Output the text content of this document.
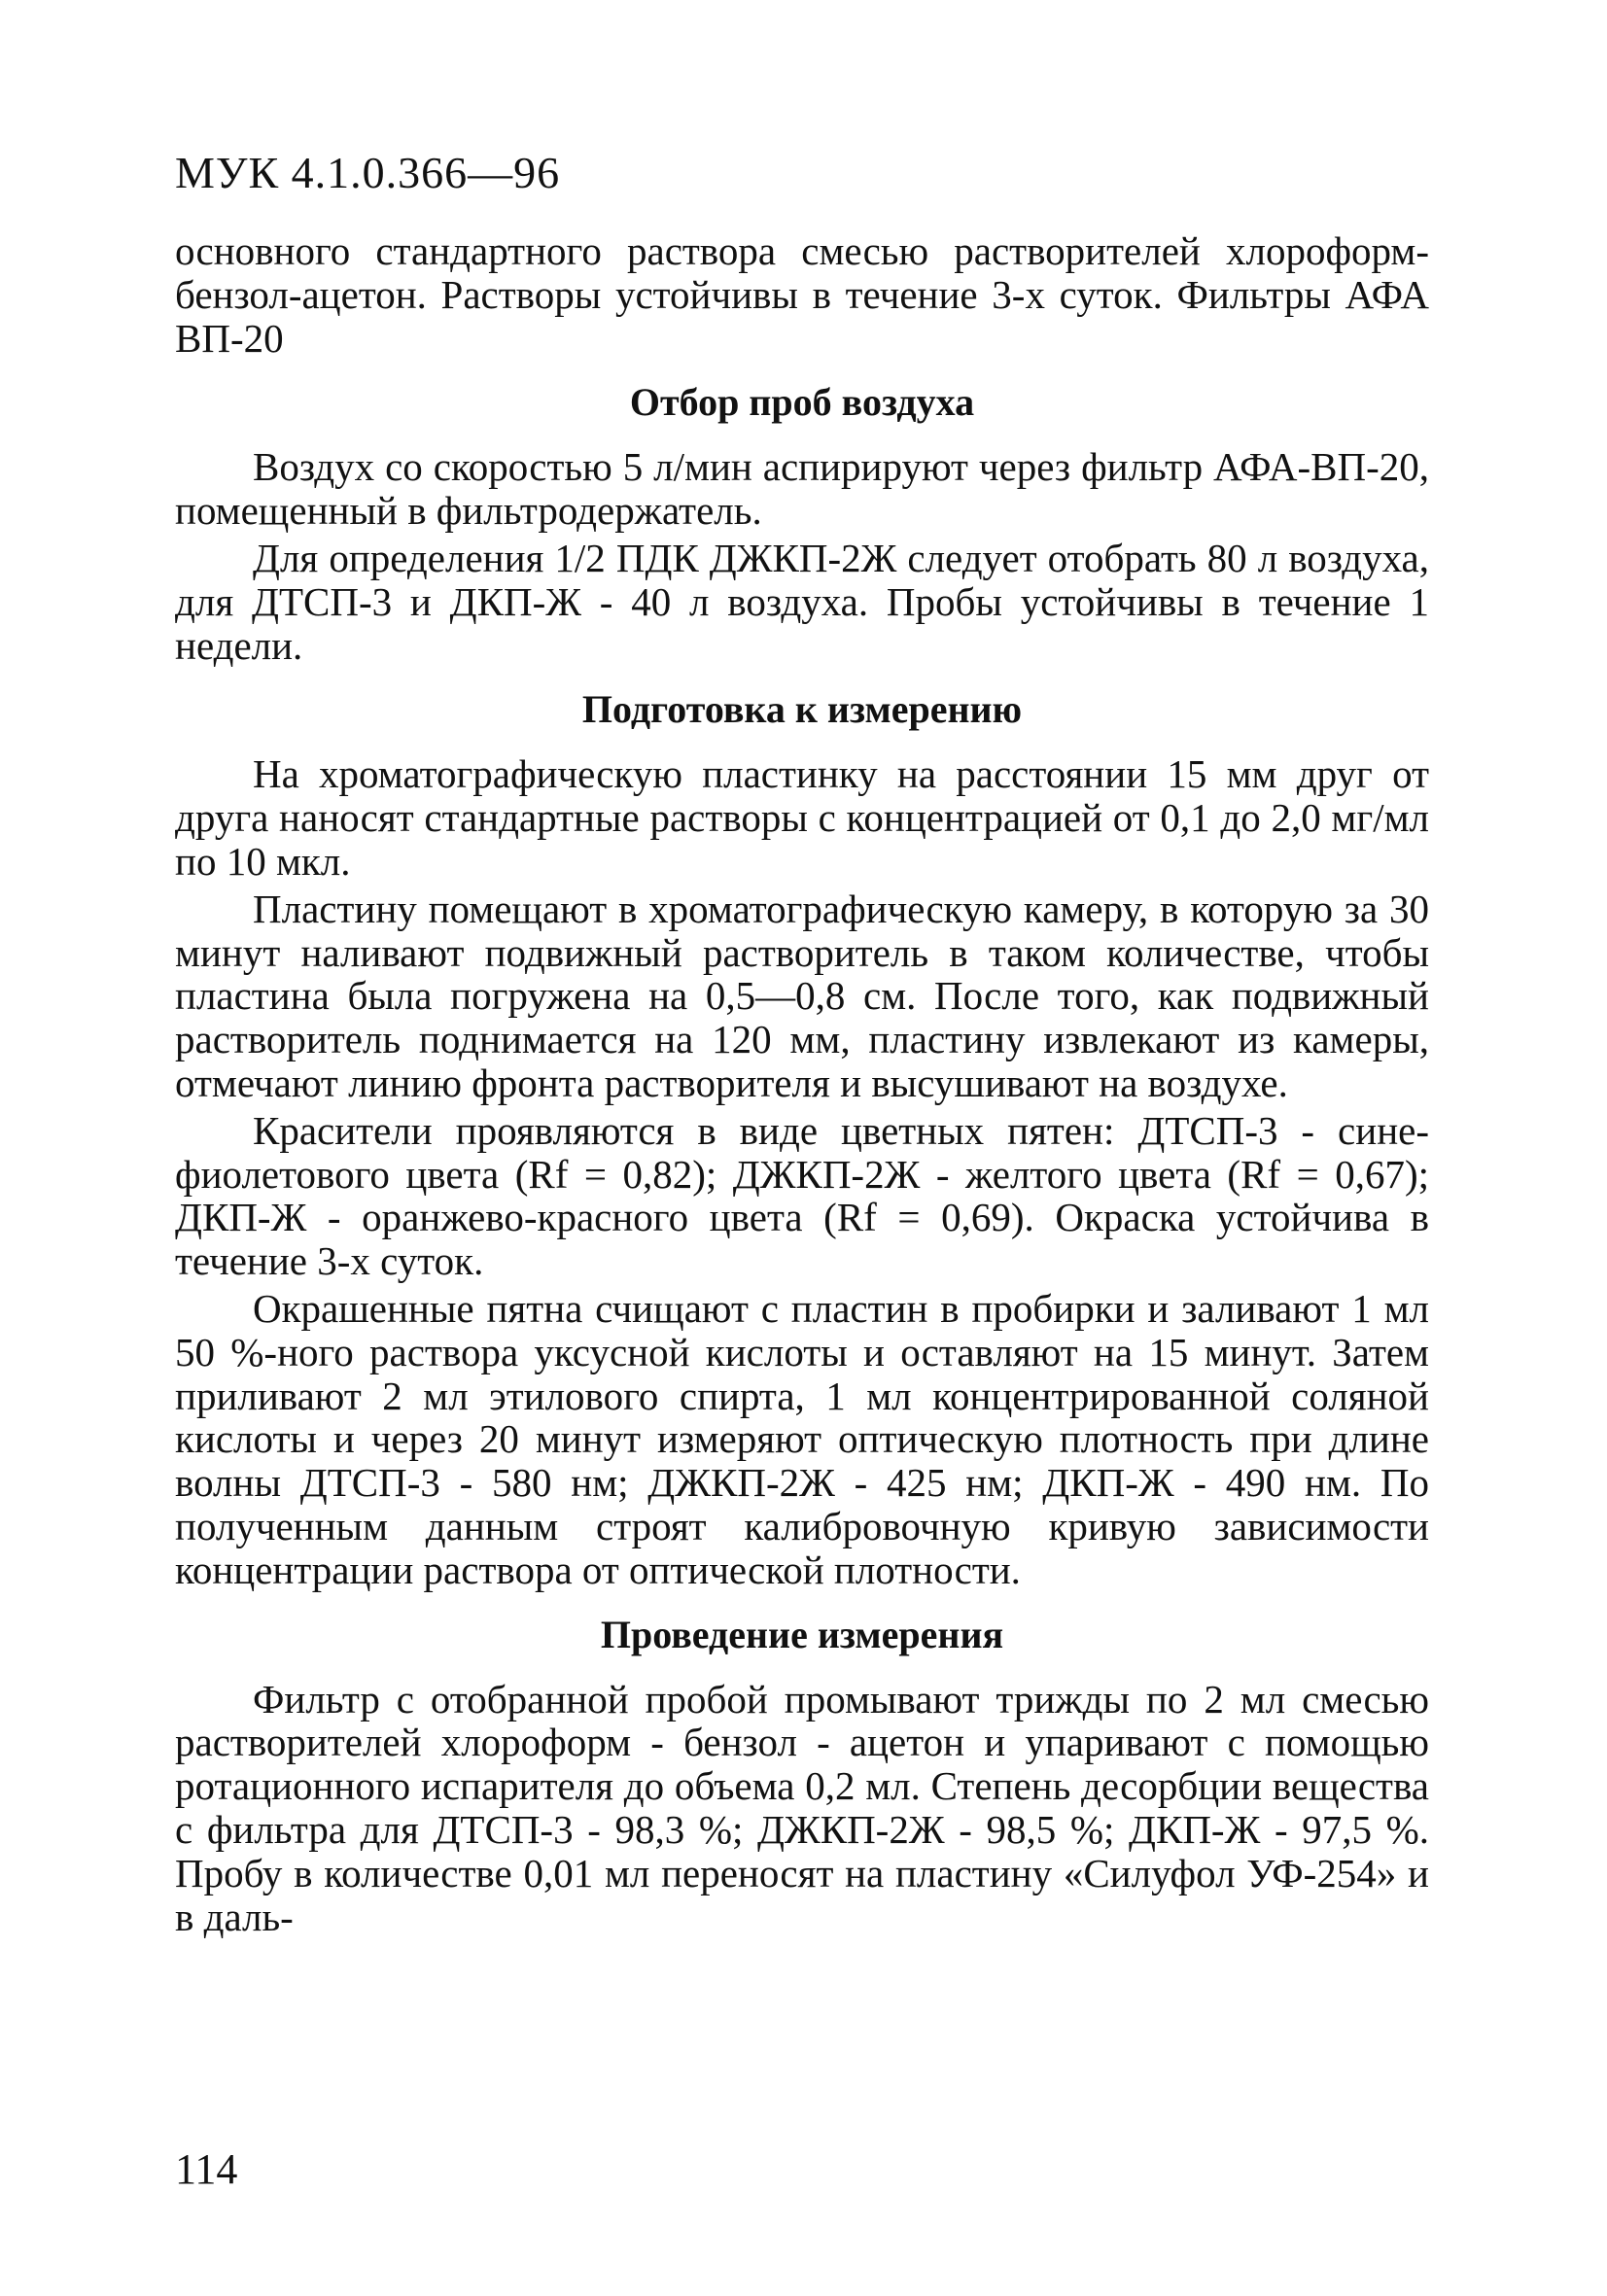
МУК 4.1.0.366—96

основного стандартного раствора смесью растворителей хлороформ-бензол-ацетон. Растворы устойчивы в течение 3-х суток. Фильтры АФА ВП-20

Отбор проб воздуха

Воздух со скоростью 5 л/мин аспирируют через фильтр АФА-ВП-20, помещенный в фильтродержатель.

Для определения 1/2 ПДК ДЖКП-2Ж следует отобрать 80 л воздуха, для ДТСП-3 и ДКП-Ж - 40 л воздуха. Пробы устойчивы в течение 1 недели.

Подготовка к измерению

На хроматографическую пластинку на расстоянии 15 мм друг от друга наносят стандартные растворы с концентрацией от 0,1 до 2,0 мг/мл по 10 мкл.

Пластину помещают в хроматографическую камеру, в которую за 30 минут наливают подвижный растворитель в таком количестве, чтобы пластина была погружена на 0,5—0,8 см. После того, как подвижный растворитель поднимается на 120 мм, пластину извлекают из камеры, отмечают линию фронта растворителя и высушивают на воздухе.

Красители проявляются в виде цветных пятен: ДТСП-3 - сине-фиолетового цвета (Rf = 0,82); ДЖКП-2Ж - желтого цвета (Rf = 0,67); ДКП-Ж - оранжево-красного цвета (Rf = 0,69). Окраска устойчива в течение 3-х суток.

Окрашенные пятна счищают с пластин в пробирки и заливают 1 мл 50 %-ного раствора уксусной кислоты и оставляют на 15 минут. Затем приливают 2 мл этилового спирта, 1 мл концентрированной соляной кислоты и через 20 минут измеряют оптическую плотность при длине волны ДТСП-3 - 580 нм; ДЖКП-2Ж - 425 нм; ДКП-Ж - 490 нм. По полученным данным строят калибровочную кривую зависимости концентрации раствора от оптической плотности.

Проведение измерения

Фильтр с отобранной пробой промывают трижды по 2 мл смесью растворителей хлороформ - бензол - ацетон и упаривают с помощью ротационного испарителя до объема 0,2 мл. Степень десорбции вещества с фильтра для ДТСП-3 - 98,3 %; ДЖКП-2Ж - 98,5 %; ДКП-Ж - 97,5 %. Пробу в количестве 0,01 мл переносят на пластину «Силуфол УФ-254» и в даль-

114
